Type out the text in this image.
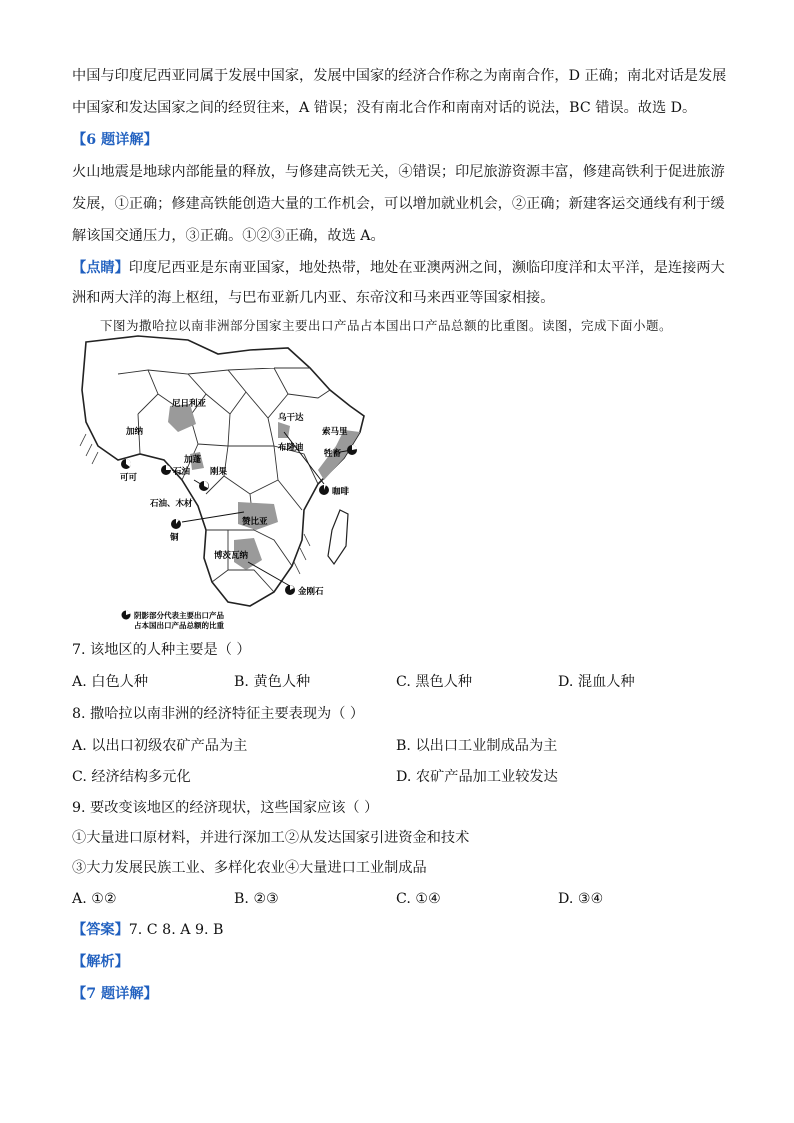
中国与印度尼西亚同属于发展中国家，发展中国家的经济合作称之为南南合作，D 正确；南北对话是发展
中国家和发达国家之间的经贸往来，A 错误；没有南北合作和南南对话的说法，BC 错误。故选 D。
【6 题详解】
火山地震是地球内部能量的释放，与修建高铁无关，④错误；印尼旅游资源丰富，修建高铁利于促进旅游
发展，①正确；修建高铁能创造大量的工作机会，可以增加就业机会，②正确；新建客运交通线有利于缓
解该国交通压力，③正确。①②③正确，故选 A。
【点睛】印度尼西亚是东南亚国家，地处热带，地处在亚澳两洲之间，濒临印度洋和太平洋，是连接两大
洲和两大洋的海上枢纽，与巴布亚新几内亚、东帝汶和马来西亚等国家相接。
下图为撒哈拉以南非洲部分国家主要出口产品占本国出口产品总额的比重图。读图，完成下面小题。
尼日利亚
加纳
可可
石油
加蓬
刚果
石油、木材
铜
赞比亚
博茨瓦纳
金刚石
乌干达
索马里
牲畜
咖啡
布隆迪
阴影部分代表主要出口产品
占本国出口产品总额的比重
7. 该地区的人种主要是（ ）
A. 白色人种	B. 黄色人种	C. 黑色人种	D. 混血人种
8. 撒哈拉以南非洲的经济特征主要表现为（ ）
A. 以出口初级农矿产品为主	B. 以出口工业制成品为主
C. 经济结构多元化	D. 农矿产品加工业较发达
9. 要改变该地区的经济现状，这些国家应该（ ）
①大量进口原材料，并进行深加工②从发达国家引进资金和技术
③大力发展民族工业、多样化农业④大量进口工业制成品
A. ①②	B. ②③	C. ①④	D. ③④
【答案】7. C 8. A 9. B
【解析】
【7 题详解】
